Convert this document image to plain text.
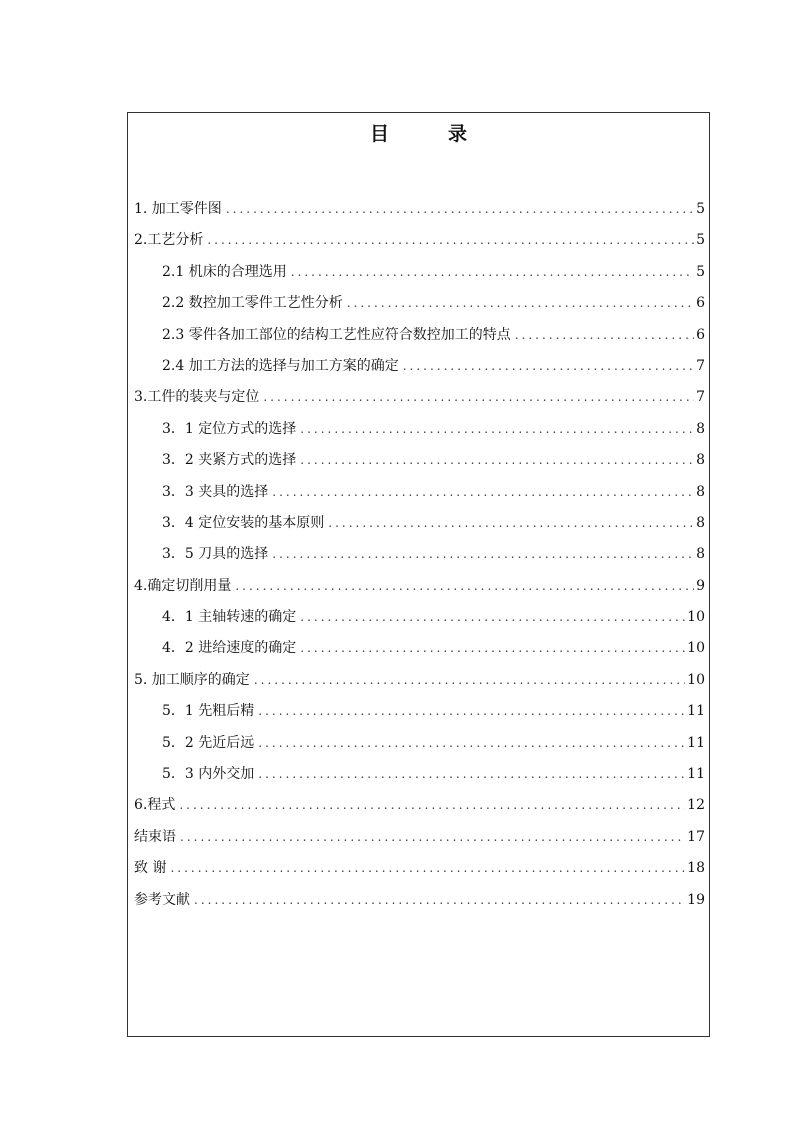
目　录
1. 加工零件图 .....	5
2.工艺分析 .....	5
2.1 机床的合理选用 .....	5
2.2 数控加工零件工艺性分析 .....	6
2.3 零件各加工部位的结构工艺性应符合数控加工的特点 .....	6
2.4 加工方法的选择与加工方案的确定 .....	7
3.工件的装夹与定位 .....	7
3．1 定位方式的选择 .....	8
3．2 夹紧方式的选择 .....	8
3．3 夹具的选择 .....	8
3．4 定位安装的基本原则 .....	8
3．5 刀具的选择 .....	8
4.确定切削用量 .....	9
4．1 主轴转速的确定 .....	10
4．2 进给速度的确定 .....	10
5. 加工顺序的确定 .....	10
5．1 先粗后精 .....	11
5．2 先近后远 .....	11
5．3 内外交加 .....	11
6.程式 .....	12
结束语 .....	17
致 谢 .....	18
参考文献 .....	19
